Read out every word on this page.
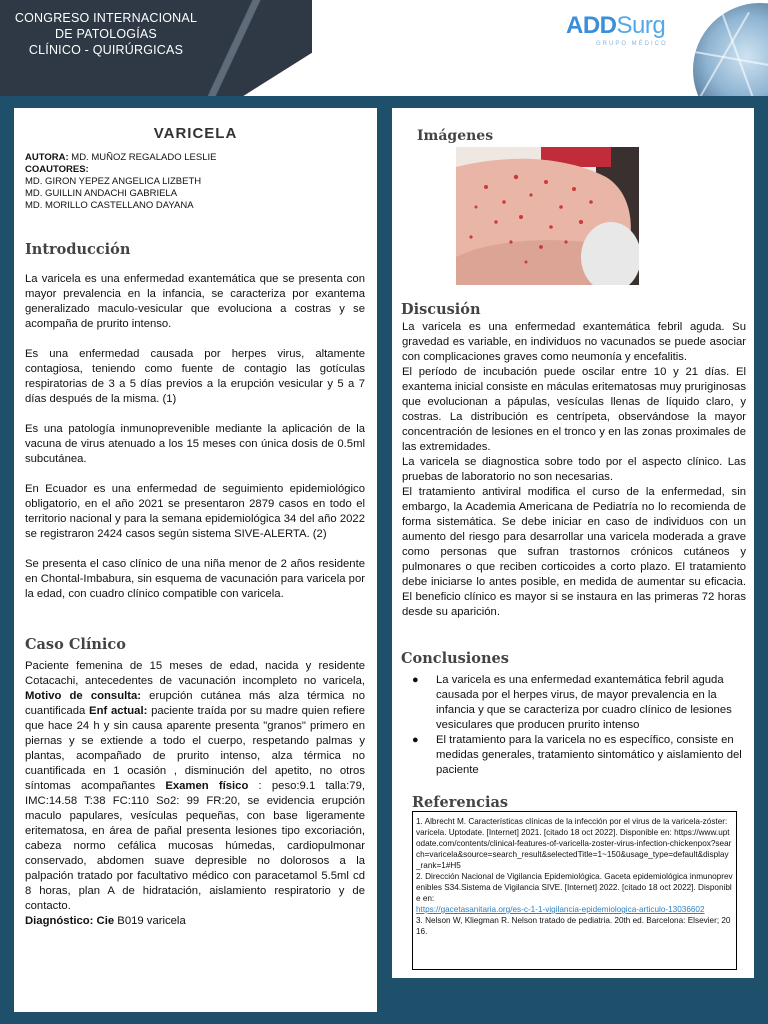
CONGRESO INTERNACIONAL
DE PATOLOGÍAS
CLÍNICO - QUIRÚRGICAS
ADDSurg
GRUPO MÉDICO
VARICELA
AUTORA: MD. MUÑOZ REGALADO LESLIE
COAUTORES:
MD. GIRON YEPEZ ANGELICA LIZBETH
MD. GUILLIN ANDACHI GABRIELA
MD. MORILLO CASTELLANO DAYANA
Introducción

La varicela es una enfermedad exantemática que se presenta con mayor prevalencia en la infancia, se caracteriza por exantema generalizado maculo-vesicular que evoluciona a costras y se acompaña de prurito intenso.

Es una enfermedad causada por herpes virus, altamente contagiosa, teniendo como fuente de contagio las gotículas respiratorias de 3 a 5 días previos a la erupción vesicular y 5 a 7 días después de la misma. (1)

Es una patología inmunoprevenible mediante la aplicación de la vacuna de virus atenuado a los 15 meses con única dosis de 0.5ml subcutánea.

En Ecuador es una enfermedad de seguimiento epidemiológico obligatorio, en el año 2021 se presentaron 2879 casos en todo el territorio nacional y para la semana epidemiológica 34 del año 2022 se registraron 2424 casos según sistema SIVE-ALERTA. (2)

Se presenta el caso clínico de una niña menor de 2 años residente en Chontal-Imbabura, sin esquema de vacunación para varicela por la edad, con cuadro clínico compatible con varicela.

Caso Clínico
Paciente femenina de 15 meses de edad, nacida y residente Cotacachi, antecedentes de vacunación incompleto no varicela, Motivo de consulta: erupción cutánea más alza térmica no cuantificada Enf actual: paciente traída por su madre quien refiere que hace 24 h y sin causa aparente presenta "granos" primero en piernas y se extiende a todo el cuerpo, respetando palmas y plantas, acompañado de prurito intenso, alza térmica no cuantificada en 1 ocasión , disminución del apetito, no otros síntomas acompañantes Examen físico : peso:9.1 talla:79, IMC:14.58 T:38 FC:110 So2: 99 FR:20, se evidencia erupción maculo papulares, vesículas pequeñas, con base ligeramente eritematosa, en área de pañal presenta lesiones tipo excoriación, cabeza normo cefálica mucosas húmedas, cardiopulmonar conservado, abdomen suave depresible no dolorosos a la palpación tratado por facultativo médico con paracetamol 5.5ml cd 8 horas, plan A de hidratación, aislamiento respiratorio y de contacto.
Diagnóstico: Cie B019 varicela
Imágenes
Discusión
La varicela es una enfermedad exantemática febril aguda. Su gravedad es variable, en individuos no vacunados se puede asociar con complicaciones graves como neumonía y encefalitis.
El período de incubación puede oscilar entre 10 y 21 días. El exantema inicial consiste en máculas eritematosas muy pruriginosas que evolucionan a pápulas, vesículas llenas de líquido claro, y costras. La distribución es centrípeta, observándose la mayor concentración de lesiones en el tronco y en las zonas proximales de las extremidades.
La varicela se diagnostica sobre todo por el aspecto clínico. Las pruebas de laboratorio no son necesarias.
El tratamiento antiviral modifica el curso de la enfermedad, sin embargo, la Academia Americana de Pediatría no lo recomienda de forma sistemática. Se debe iniciar en caso de individuos con un aumento del riesgo para desarrollar una varicela moderada a grave como personas que sufran trastornos crónicos cutáneos y pulmonares o que reciben corticoides a corto plazo. El tratamiento debe iniciarse lo antes posible, en medida de aumentar su eficacia. El beneficio clínico es mayor si se instaura en las primeras 72 horas desde su aparición.
Conclusiones
● La varicela es una enfermedad exantemática febril aguda causada por el herpes virus, de mayor prevalencia en la infancia y que se caracteriza por cuadro clínico de lesiones vesiculares que producen prurito intenso
● El tratamiento para la varicela no es específico, consiste en medidas generales, tratamiento sintomático y aislamiento del paciente
Referencias
1. Albrecht M. Características clínicas de la infección por el virus de la varicela-zóster: varicela. Uptodate. [Internet] 2021. [citado 18 oct 2022]. Disponible en: https://www.uptodate.com/contents/clinical-features-of-varicella-zoster-virus-infection-chickenpox?search=varicela&source=search_result&selectedTitle=1~150&usage_type=default&display_rank=1#H5
2. Dirección Nacional de Vigilancia Epidemiológica. Gaceta epidemiológica inmunoprevenibles S34.Sistema de Vigilancia SIVE. [Internet] 2022. [citado 18 oct 2022]. Disponible en:
https://gacetasanitaria.org/es-c-1-1-vigilancia-epidemiologica-articulo-13036602
3. Nelson W, Kliegman R. Nelson tratado de pediatria. 20th ed. Barcelona: Elsevier; 2016.
